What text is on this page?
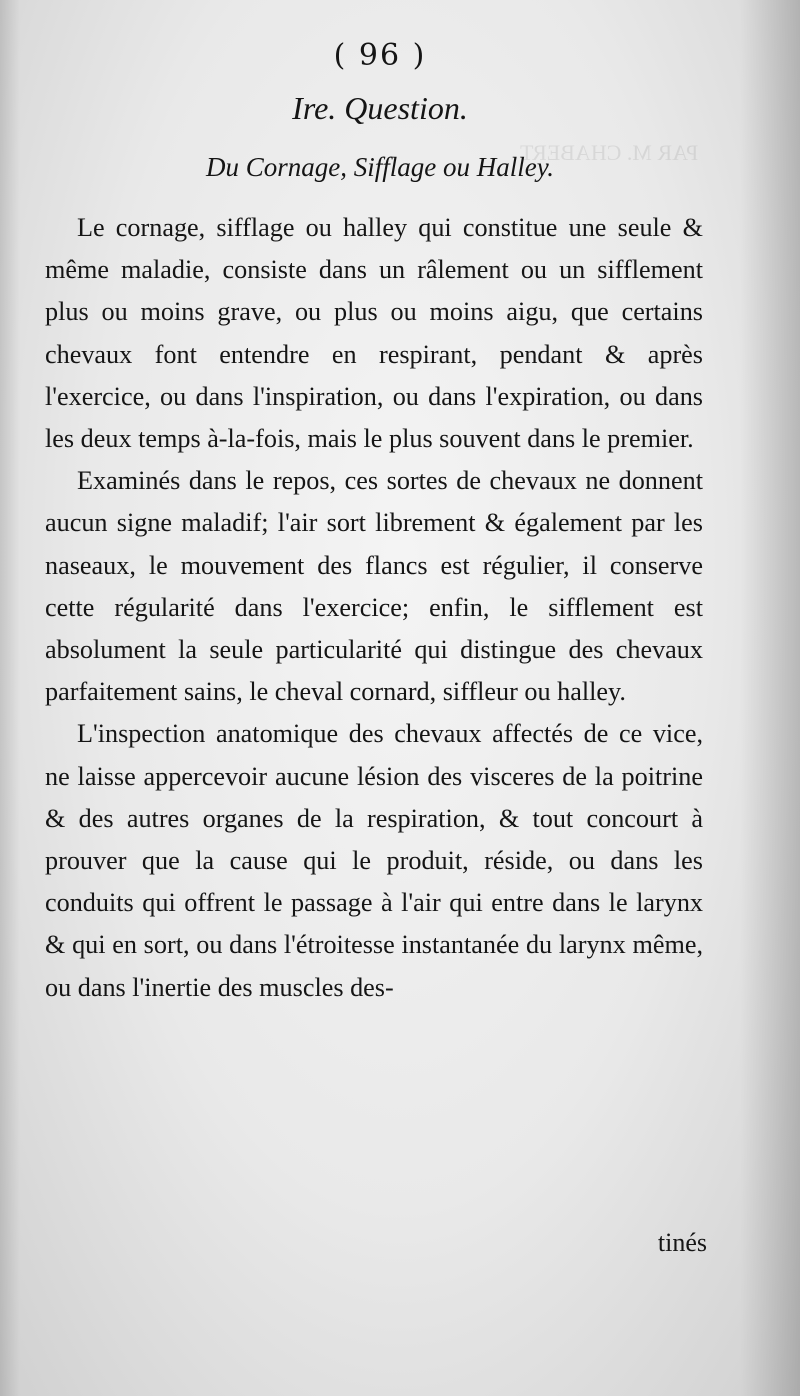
PAR M. CHABERT
( 96 )
Ire. Question.
Du Cornage, Sifflage ou Halley.

Le cornage, sifflage ou halley qui constitue une seule & même maladie, consiste dans un râlement ou un sifflement plus ou moins grave, ou plus ou moins aigu, que certains chevaux font entendre en respirant, pendant & après l'exercice, ou dans l'inspiration, ou dans l'expiration, ou dans les deux temps à-la-fois, mais le plus souvent dans le premier.

Examinés dans le repos, ces sortes de chevaux ne donnent aucun signe maladif; l'air sort librement & également par les naseaux, le mouvement des flancs est régulier, il conserve cette régularité dans l'exercice; enfin, le sifflement est absolument la seule particularité qui distingue des chevaux parfaitement sains, le cheval cornard, siffleur ou halley.

L'inspection anatomique des chevaux affectés de ce vice, ne laisse appercevoir aucune lésion des visceres de la poitrine & des autres organes de la respiration, & tout concourt à prouver que la cause qui le produit, réside, ou dans les conduits qui offrent le passage à l'air qui entre dans le larynx & qui en sort, ou dans l'étroitesse instantanée du larynx même, ou dans l'inertie des muscles des-

tinés
